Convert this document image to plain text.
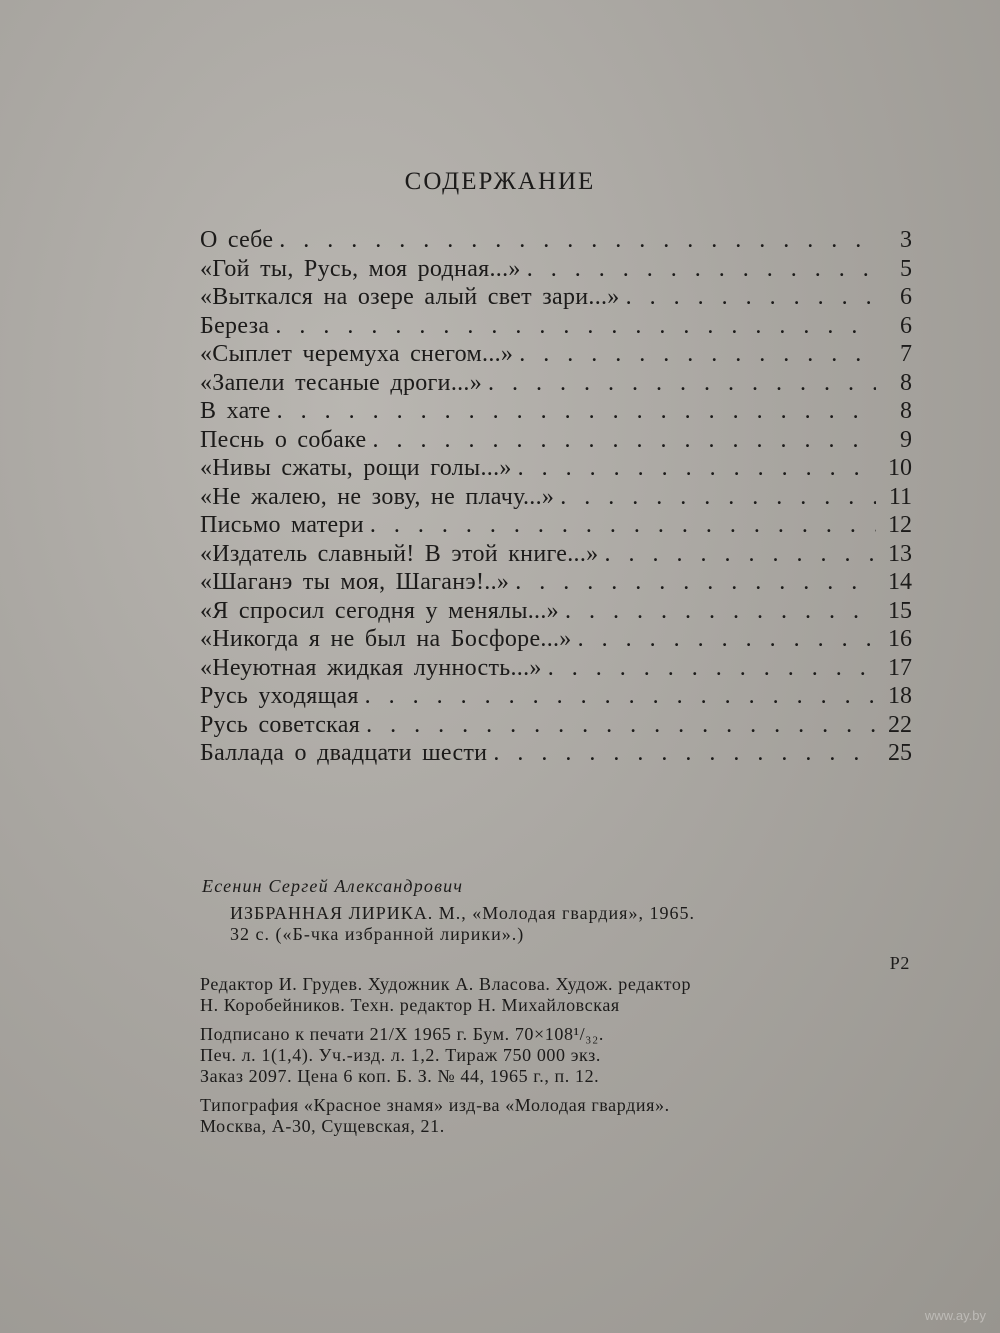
СОДЕРЖАНИЕ
О себе . . .	3
«Гой ты, Русь, моя родная...» . . .	5
«Выткался на озере алый свет зари...» . . .	6
Береза . . .	6
«Сыплет черемуха снегом...» . . .	7
«Запели тесаные дроги...» . . .	8
В хате . . .	8
Песнь о собаке . . .	9
«Нивы сжаты, рощи голы...» . . .	10
«Не жалею, не зову, не плачу...» . . .	11
Письмо матери . . .	12
«Издатель славный! В этой книге...» . . .	13
«Шаганэ ты моя, Шаганэ!..» . . .	14
«Я спросил сегодня у менялы...» . . .	15
«Никогда я не был на Босфоре...» . . .	16
«Неуютная жидкая лунность...» . . .	17
Русь уходящая . . .	18
Русь советская . . .	22
Баллада о двадцати шести . . .	25

Есенин Сергей Александрович

ИЗБРАННАЯ ЛИРИКА. М., «Молодая гвардия», 1965.

32 с. («Б-чка избранной лирики».)

Р2

Редактор И. Грудев. Художник А. Власова. Худож. редактор

Н. Коробейников. Техн. редактор Н. Михайловская

Подписано к печати 21/X 1965 г. Бум. 70×108¹/₃₂.

Печ. л. 1(1,4). Уч.-изд. л. 1,2. Тираж 750 000 экз.

Заказ 2097. Цена 6 коп. Б. З. № 44, 1965 г., п. 12.

Типография «Красное знамя» изд-ва «Молодая гвардия».

Москва, А-30, Сущевская, 21.

www.ay.by
